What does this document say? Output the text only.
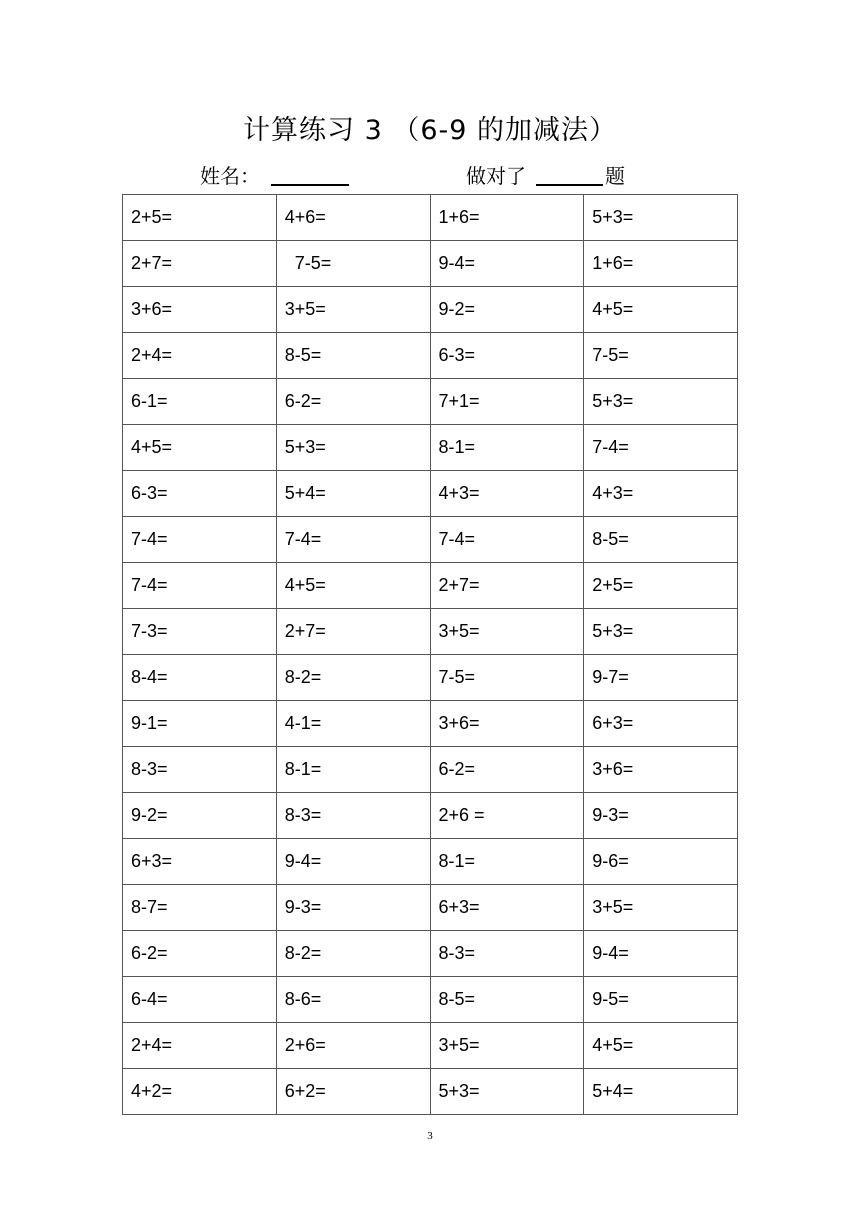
计算练习 3 （6-9 的加减法）
姓名：	做对了	题
2+5=	4+6=	1+6=	5+3=
2+7=	7-5=	9-4=	1+6=
3+6=	3+5=	9-2=	4+5=
2+4=	8-5=	6-3=	7-5=
6-1=	6-2=	7+1=	5+3=
4+5=	5+3=	8-1=	7-4=
6-3=	5+4=	4+3=	4+3=
7-4=	7-4=	7-4=	8-5=
7-4=	4+5=	2+7=	2+5=
7-3=	2+7=	3+5=	5+3=
8-4=	8-2=	7-5=	9-7=
9-1=	4-1=	3+6=	6+3=
8-3=	8-1=	6-2=	3+6=
9-2=	8-3=	2+6 =	9-3=
6+3=	9-4=	8-1=	9-6=
8-7=	9-3=	6+3=	3+5=
6-2=	8-2=	8-3=	9-4=
6-4=	8-6=	8-5=	9-5=
2+4=	2+6=	3+5=	4+5=
4+2=	6+2=	5+3=	5+4=
3
